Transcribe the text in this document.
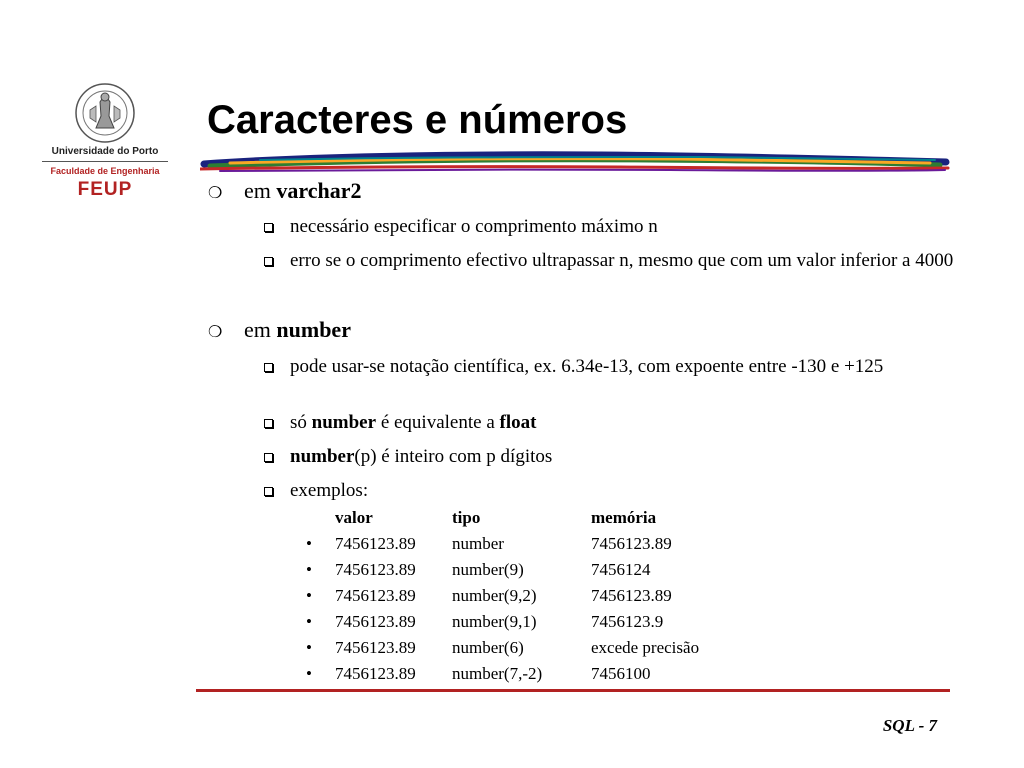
Universidade do Porto
Faculdade de Engenharia
FEUP
Caracteres e números
❍ em varchar2
necessário especificar o comprimento máximo n
erro se o comprimento efectivo ultrapassar n, mesmo que com um valor inferior a 4000
❍ em number
pode usar-se notação científica, ex. 6.34e-13, com expoente entre -130 e +125
só number é equivalente a float
number(p) é inteiro com p dígitos
exemplos:
valor	tipo	memória
• 7456123.89 number	7456123.89
• 7456123.89 number(9)	7456124
• 7456123.89 number(9,2)	7456123.89
• 7456123.89 number(9,1)	7456123.9
• 7456123.89 number(6)	excede precisão
• 7456123.89 number(7,-2)	7456100
SQL - 7
